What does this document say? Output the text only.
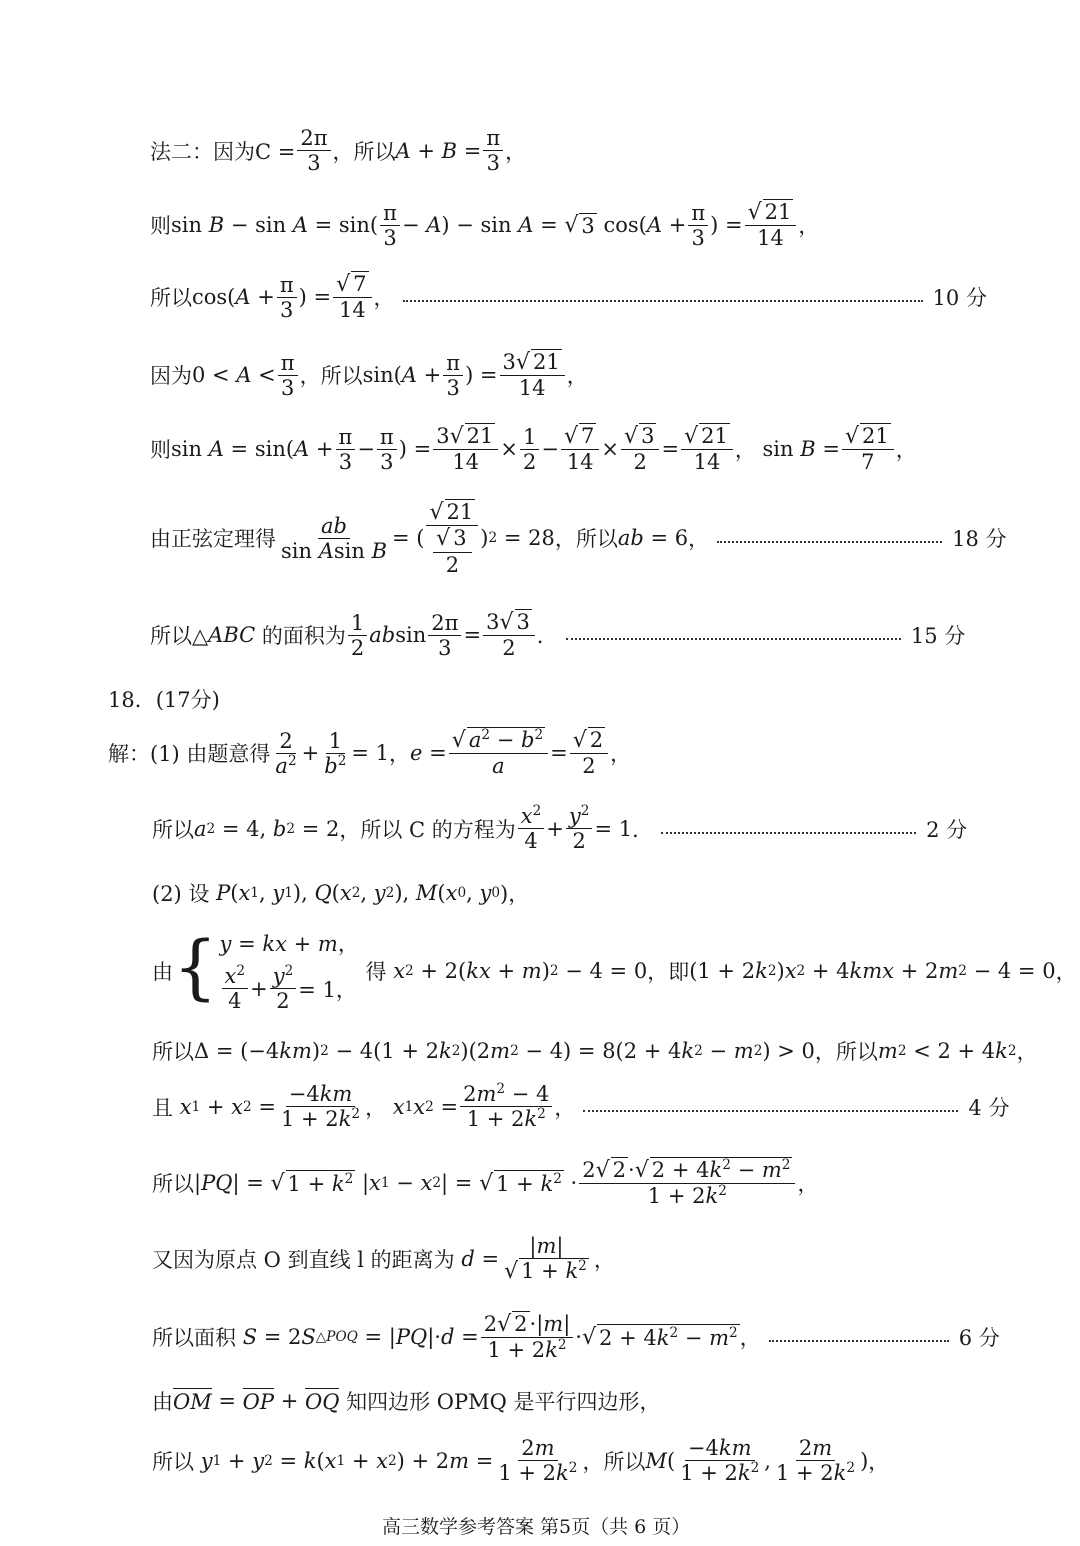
法二：因为$C = \frac{2\pi}{3}$ ，所以 $A + B = \frac{\pi}{3}$ ，
则 $\sin B - \sin A = \sin( \frac{\pi}{3} - A$ ) − sin A = √ 3 cos( $A + \frac{\pi}{3}$ ) = $\frac{√ 21}{14}$ ，
所以 cos( $A + \frac{\pi}{3}$ ) = $\frac{√ 7}{14}$ ，	10 分
因为 $0 < A < \frac{\pi}{3}$ ，所以 sin( $A + \frac{\pi}{3}$ ) = $\frac{3√ 21}{14}$ ，
则 sin A = sin( $A + \frac{\pi}{3} - \frac{\pi}{3}$ ) = $\frac{3√ 21}{14} \times \frac{1}{2} - \frac{√ 7}{14} \times \frac{√ 3}{2} = \frac{√ 21}{14}$ ， $\sin B = \frac{√ 21}{7}$ ，
由正弦定理得 $\frac{ab}{\text{sin Asin B}}$ = ( $\frac{√ 21}{\frac{√ 3}{2}}$ ) 2 = 28 ，所以 ab = 6 ，	18 分
所以△ ABC
的面积为 $\frac{1}{2}$ ab $\sin \frac{2\pi}{3} = \frac{3√ 3}{2}$ ．	15 分
18．(17分)
解：(1) 由题意得 $\frac{2}{a^2} + \frac{1}{b^2} = 1$ ， $e = \frac{√ a^2 - b^2}{a} = \frac{√ 2}{2}$ ，
所以 a 2 = 4, b 2 = 2 ，所以 C 的方程为 $\frac{x^2}{4} + \frac{y^2}{2} = 1$ ．	2 分
(2) 设
P ( x 1 , y 1 ), Q ( x 2 , y 2 ), M ( x 0 , y 0 )，
由 { y = kx + m，
$\frac{x^2}{4} + \frac{y^2}{2} = 1$，

得
x 2 + 2( kx + m ) 2 − 4 = 0 ，即 (1 + 2 k 2 ) x 2 + 4 kmx + 2 m 2 − 4 = 0 ，
所以 Δ = (−4 km ) 2 − 4(1 + 2 k 2 )(2 m 2 − 4) = 8(2 + 4 k 2 − m 2 ) > 0 ，所以 m 2 < 2 + 4 k 2 ，
且
x 1 + x $2 = \frac{-4km}{1 + 2k^2}$ ，
x 1 x $2 = \frac{2m^2 - 4}{1 + 2k^2}$ ，	4 分
所以 | PQ | = √ $1 + k^2$ | x 1 − x 2 | = √ $1 + k^2 \cdot \frac{2√ 2\cdot√ 2 + 4k^2 - m^2}{1 + 2k^2}$ ，
又因为原点 O 到直线 l 的距离为
$d = \frac{|m|}{√ 1 + k^2}$ ，
所以面积
S = 2 S △POQ = | PQ |· $d = \frac{2√ 2\cdot|m|}{1 + 2k^2}$ · √ $2 + 4k^2 - m^2$ ，	6 分
由 OM = OP + OQ
知四边形 OPMQ 是平行四边形，
所以
y 1 + y 2 = k ( x 1 + x 2 ) + 2 $m = \frac{2m}{1 + 2k^2}$ ，所以 M ( $\frac{-4km}{1 + 2k^2}$ , $\frac{2m}{1 + 2k^2}$ ) ，
高三数学参考答案 第5页（共 6 页）
